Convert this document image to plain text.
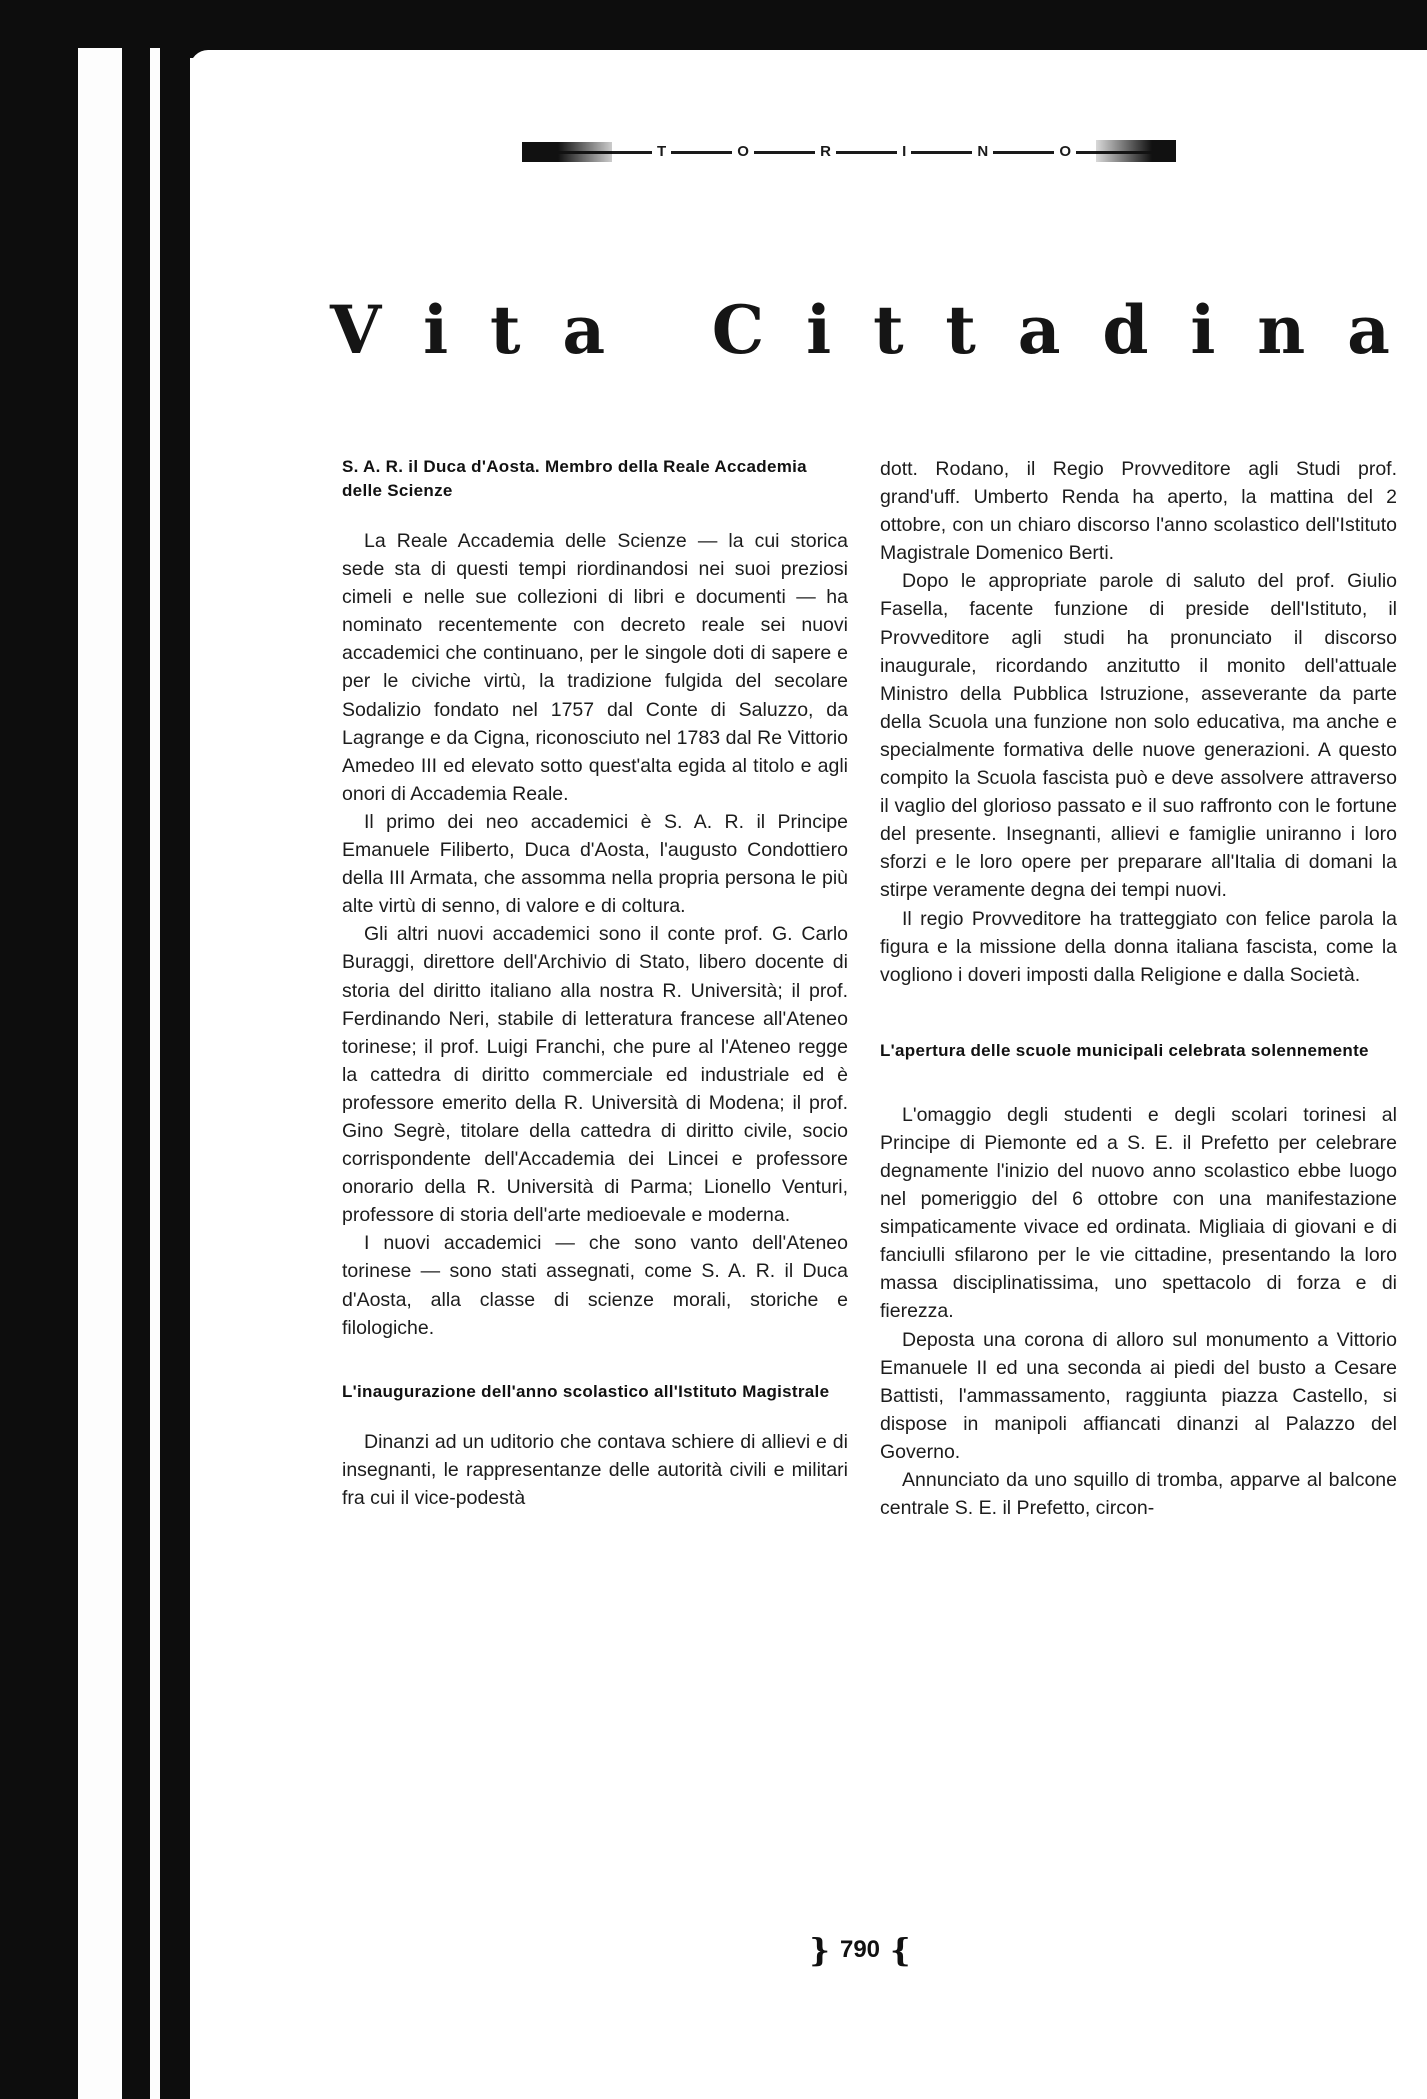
T	O	R	I	N	O
V i t a
C i t t a d i n a

S. A. R. il Duca d'Aosta. Membro della Reale Accademia delle Scienze

La Reale Accademia delle Scienze — la cui storica sede sta di questi tempi riordinandosi nei suoi preziosi cimeli e nelle sue collezioni di libri e documenti — ha nominato recentemente con decreto reale sei nuovi accademici che continuano, per le singole doti di sapere e per le civiche virtù, la tradizione fulgida del secolare Sodalizio fondato nel 1757 dal Conte di Saluzzo, da Lagrange e da Cigna, riconosciuto nel 1783 dal Re Vittorio Amedeo III ed elevato sotto quest'alta egida al titolo e agli onori di Accademia Reale.

Il primo dei neo accademici è S. A. R. il Principe Emanuele Filiberto, Duca d'Aosta, l'augusto Condottiero della III Armata, che assomma nella propria persona le più alte virtù di senno, di valore e di coltura.

Gli altri nuovi accademici sono il conte prof. G. Carlo Buraggi, direttore dell'Archivio di Stato, libero docente di storia del diritto italiano alla nostra R. Università; il prof. Ferdinando Neri, stabile di letteratura francese all'Ateneo torinese; il prof. Luigi Franchi, che pure al l'Ateneo regge la cattedra di diritto commerciale ed industriale ed è professore emerito della R. Università di Modena; il prof. Gino Segrè, titolare della cattedra di diritto civile, socio corrispondente dell'Accademia dei Lincei e professore onorario della R. Università di Parma; Lionello Venturi, professore di storia dell'arte medioevale e moderna.

I nuovi accademici — che sono vanto dell'Ateneo torinese — sono stati assegnati, come S. A. R. il Duca d'Aosta, alla classe di scienze morali, storiche e filologiche.

L'inaugurazione dell'anno scolastico all'Istituto Magistrale

Dinanzi ad un uditorio che contava schiere di allievi e di insegnanti, le rappresentanze delle autorità civili e militari fra cui il vice-podestà

dott. Rodano, il Regio Provveditore agli Studi prof. grand'uff. Umberto Renda ha aperto, la mattina del 2 ottobre, con un chiaro discorso l'anno scolastico dell'Istituto Magistrale Domenico Berti.

Dopo le appropriate parole di saluto del prof. Giulio Fasella, facente funzione di preside dell'Istituto, il Provveditore agli studi ha pronunciato il discorso inaugurale, ricordando anzitutto il monito dell'attuale Ministro della Pubblica Istruzione, asseverante da parte della Scuola una funzione non solo educativa, ma anche e specialmente formativa delle nuove generazioni. A questo compito la Scuola fascista può e deve assolvere attraverso il vaglio del glorioso passato e il suo raffronto con le fortune del presente. Insegnanti, allievi e famiglie uniranno i loro sforzi e le loro opere per preparare all'Italia di domani la stirpe veramente degna dei tempi nuovi.

Il regio Provveditore ha tratteggiato con felice parola la figura e la missione della donna italiana fascista, come la vogliono i doveri imposti dalla Religione e dalla Società.

L'apertura delle scuole municipali celebrata solennemente

L'omaggio degli studenti e degli scolari torinesi al Principe di Piemonte ed a S. E. il Prefetto per celebrare degnamente l'inizio del nuovo anno scolastico ebbe luogo nel pomeriggio del 6 ottobre con una manifestazione simpaticamente vivace ed ordinata. Migliaia di giovani e di fanciulli sfilarono per le vie cittadine, presentando la loro massa disciplinatissima, uno spettacolo di forza e di fierezza.

Deposta una corona di alloro sul monumento a Vittorio Emanuele II ed una seconda ai piedi del busto a Cesare Battisti, l'ammassamento, raggiunta piazza Castello, si dispose in manipoli affiancati dinanzi al Palazzo del Governo.

Annunciato da uno squillo di tromba, apparve al balcone centrale S. E. il Prefetto, circon-

} 790 {
